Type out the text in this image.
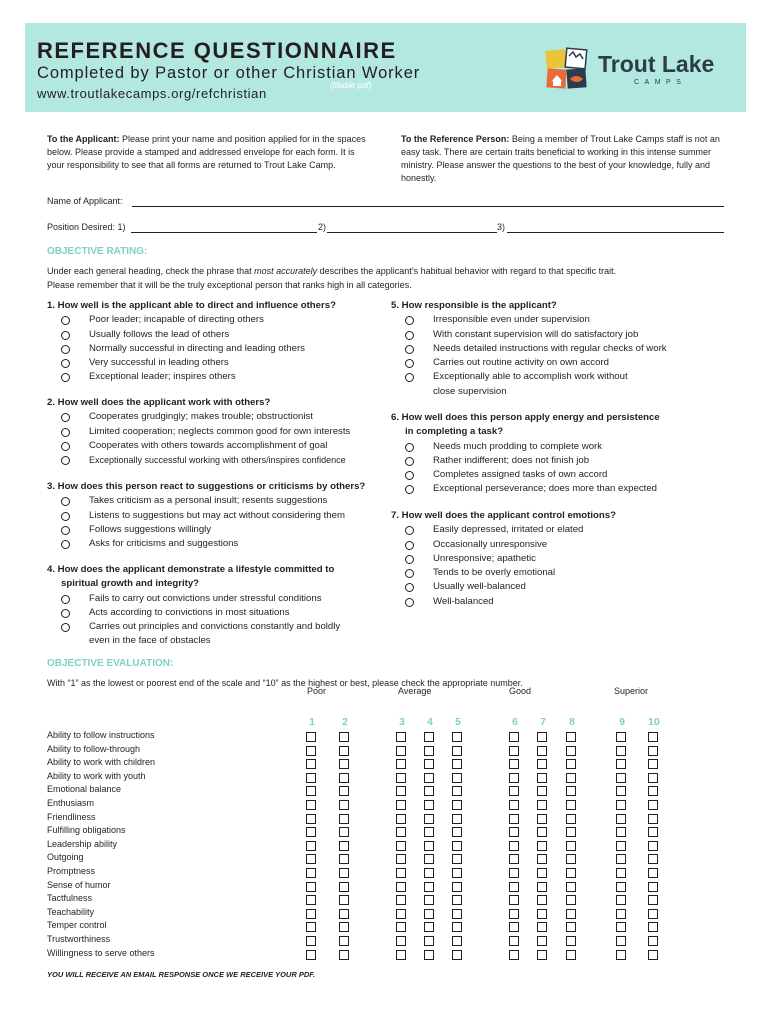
REFERENCE QUESTIONNAIRE
Completed by Pastor or other Christian Worker
(fillable pdf)
www.troutlakecamps.org/refchristian
Trout Lake
CAMPS
To the Applicant: Please print your name and position applied for in the spaces below. Please provide a stamped and addressed envelope for each form. It is your responsibility to see that all forms are returned to Trout Lake Camp.
To the Reference Person: Being a member of Trout Lake Camps staff is not an easy task. There are certain traits beneficial to working in this intense summer ministry. Please answer the questions to the best of your knowledge, fully and honestly.
Name of Applicant:
Position Desired: 1)	2)	3)
OBJECTIVE RATING:
Under each general heading, check the phrase that most accurately describes the applicant’s habitual behavior with regard to that specific trait.
Please remember that it will be the truly exceptional person that ranks high in all categories.
1. How well is the applicant able to direct and influence others?
Poor leader; incapable of directing others
Usually follows the lead of others
Normally successful in directing and leading others
Very successful in leading others
Exceptional leader; inspires others
2. How well does the applicant work with others?
Cooperates grudgingly; makes trouble; obstructionist
Limited cooperation; neglects common good for own interests
Cooperates with others towards accomplishment of goal
Exceptionally successful working with others/inspires confidence
3. How does this person react to suggestions or criticisms by others?
Takes criticism as a personal insult; resents suggestions
Listens to suggestions but may act without considering them
Follows suggestions willingly
Asks for criticisms and suggestions
4. How does the applicant demonstrate a lifestyle committed to
spiritual growth and integrity?
Fails to carry out convictions under stressful conditions
Acts according to convictions in most situations
Carries out principles and convictions constantly and boldly
even in the face of obstacles
5. How responsible is the applicant?
Irresponsible even under supervision
With constant supervision will do satisfactory job
Needs detailed instructions with regular checks of work
Carries out routine activity on own accord
Exceptionally able to accomplish work without
close supervision
6. How well does this person apply energy and persistence
in completing a task?
Needs much prodding to complete work
Rather indifferent; does not finish job
Completes assigned tasks of own accord
Exceptional perseverance; does more than expected
7. How well does the applicant control emotions?
Easily depressed, irritated or elated
Occasionally unresponsive
Unresponsive; apathetic
Tends to be overly emotional
Usually well-balanced
Well-balanced
OBJECTIVE EVALUATION:
With “1” as the lowest or poorest end of the scale and “10” as the highest or best, please check the appropriate number.
Poor	Average	Good	Superior
1	2	3	4	5	6	7	8	9	10
Ability to follow instructions
Ability to follow-through
Ability to work with children
Ability to work with youth
Emotional balance
Enthusiasm
Friendliness
Fulfilling obligations
Leadership ability
Outgoing
Promptness
Sense of humor
Tactfulness
Teachability
Temper control
Trustworthiness
Willingness to serve others
YOU WILL RECEIVE AN EMAIL RESPONSE ONCE WE RECEIVE YOUR PDF.
